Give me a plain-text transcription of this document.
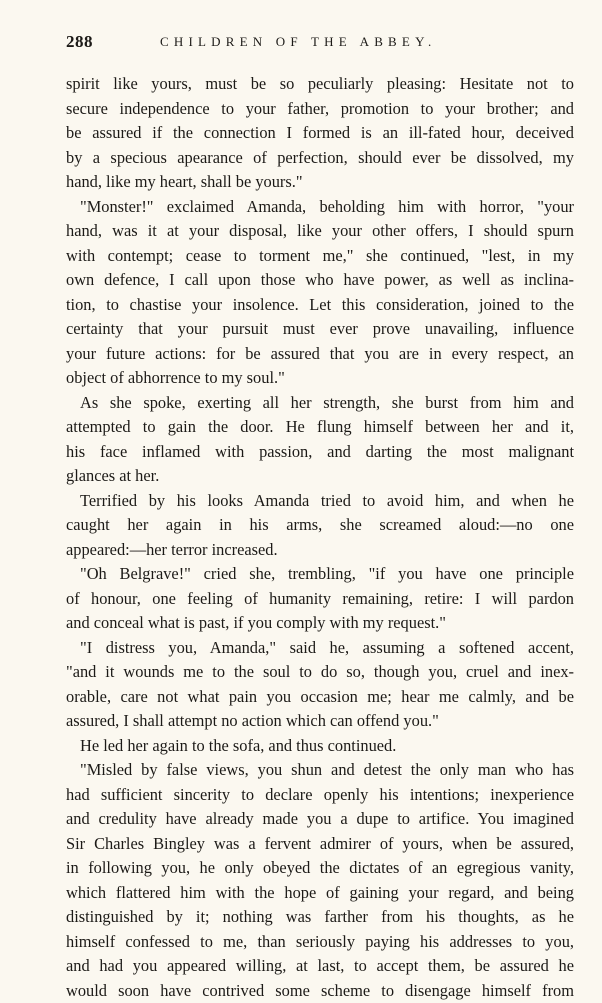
288	CHILDREN OF THE ABBEY.
spirit like yours, must be so peculiarly pleasing: Hesitate not to
secure independence to your father, promotion to your brother; and
be assured if the connection I formed is an ill-fated hour, deceived
by a specious apearance of perfection, should ever be dissolved, my
hand, like my heart, shall be yours."
"Monster!" exclaimed Amanda, beholding him with horror, "your
hand, was it at your disposal, like your other offers, I should spurn
with contempt; cease to torment me," she continued, "lest, in my
own defence, I call upon those who have power, as well as inclina-
tion, to chastise your insolence. Let this consideration, joined to the
certainty that your pursuit must ever prove unavailing, influence
your future actions: for be assured that you are in every respect, an
object of abhorrence to my soul."
As she spoke, exerting all her strength, she burst from him and
attempted to gain the door. He flung himself between her and it,
his face inflamed with passion, and darting the most malignant
glances at her.
Terrified by his looks Amanda tried to avoid him, and when he
caught her again in his arms, she screamed aloud:—no one
appeared:—her terror increased.
"Oh Belgrave!" cried she, trembling, "if you have one principle
of honour, one feeling of humanity remaining, retire: I will pardon
and conceal what is past, if you comply with my request."
"I distress you, Amanda," said he, assuming a softened accent,
"and it wounds me to the soul to do so, though you, cruel and inex-
orable, care not what pain you occasion me; hear me calmly, and be
assured, I shall attempt no action which can offend you."
He led her again to the sofa, and thus continued.
"Misled by false views, you shun and detest the only man who has
had sufficient sincerity to declare openly his intentions; inexperience
and credulity have already made you a dupe to artifice. You imagined
Sir Charles Bingley was a fervent admirer of yours, when be assured,
in following you, he only obeyed the dictates of an egregious vanity,
which flattered him with the hope of gaining your regard, and being
distinguished by it; nothing was farther from his thoughts, as he
himself confessed to me, than seriously paying his addresses to you,
and had you appeared willing, at last, to accept them, be assured he
would soon have contrived some scheme to disengage himself from
